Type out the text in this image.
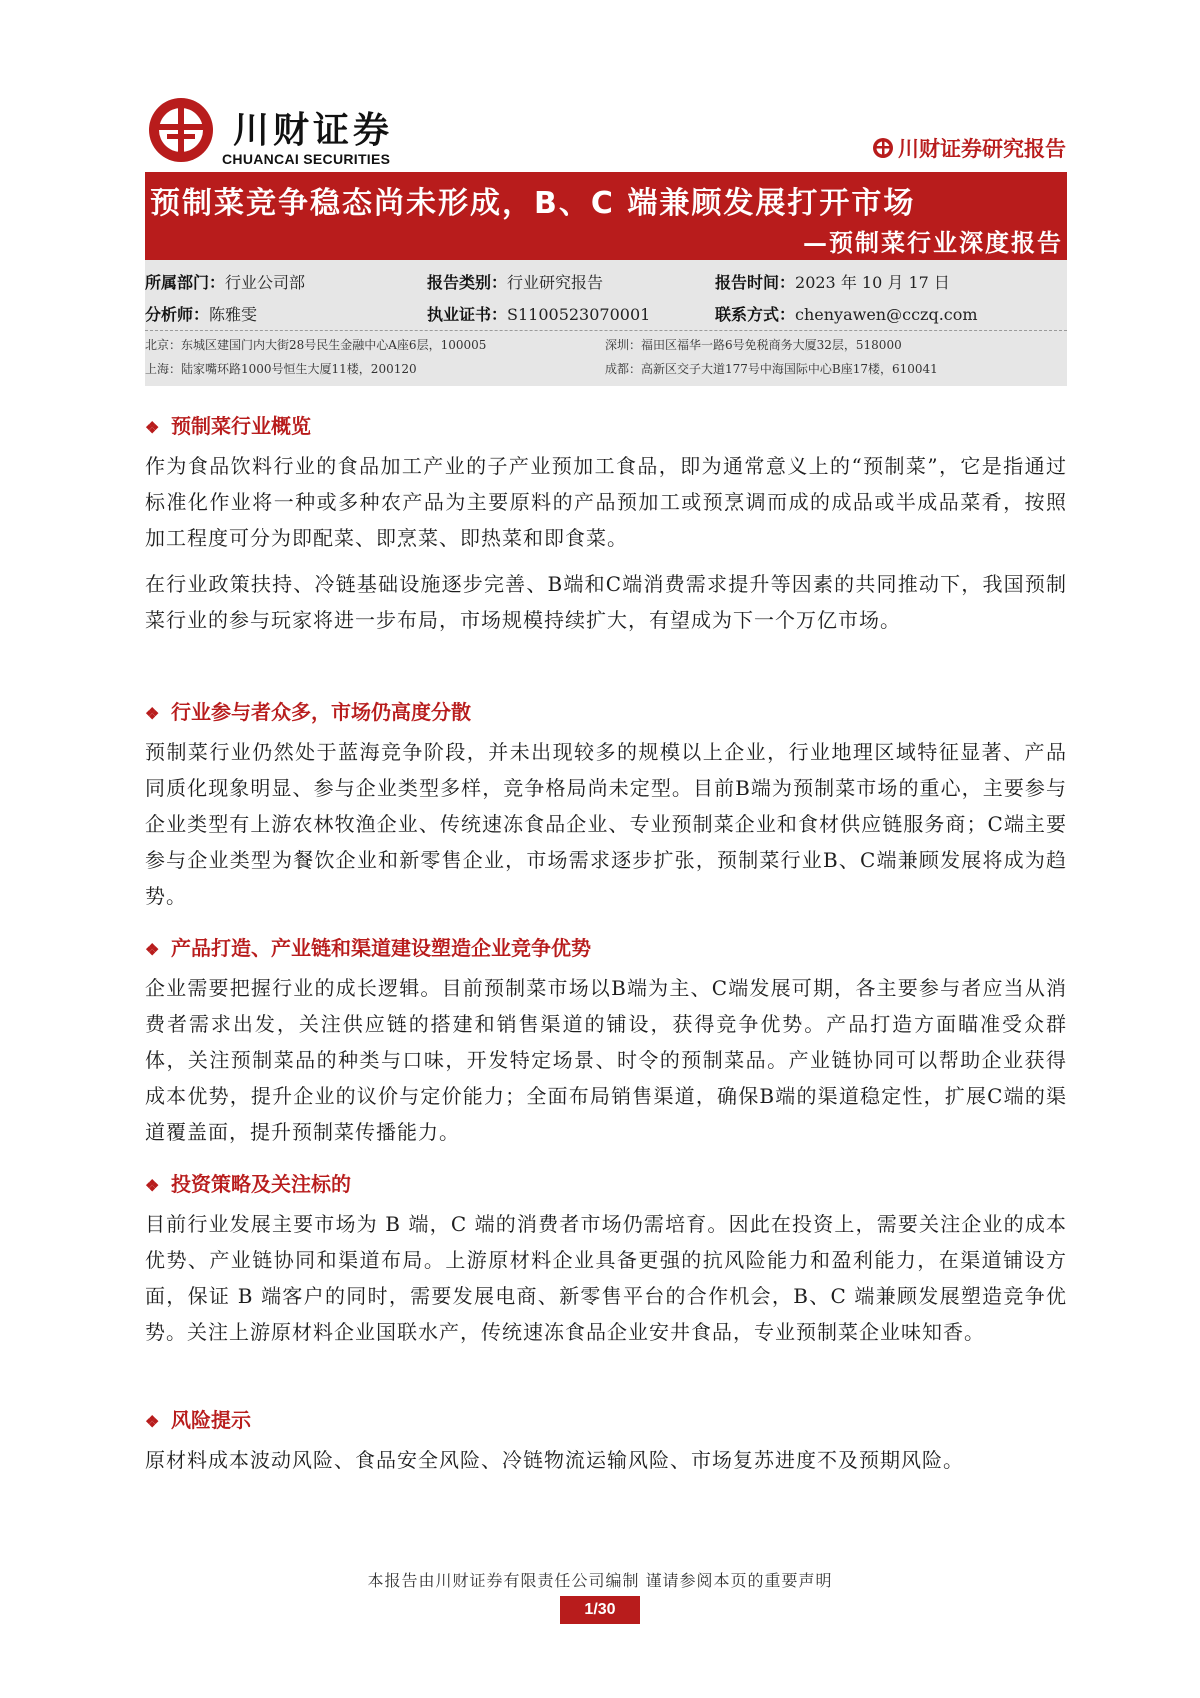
川财证券
CHUANCAI SECURITIES	川财证券研究报告
预制菜竞争稳态尚未形成，B、C 端兼顾发展打开市场
—预制菜行业深度报告
所属部门：行业公司部	报告类别：行业研究报告	报告时间：2023 年 10 月 17 日
分析师：陈雅雯	执业证书：S1100523070001	联系方式：chenyawen@cczq.com
北京：东城区建国门内大街28号民生金融中心A座6层，100005	深圳：福田区福华一路6号免税商务大厦32层，518000
上海：陆家嘴环路1000号恒生大厦11楼，200120	成都：高新区交子大道177号中海国际中心B座17楼，610041
❖ 预制菜行业概览
作为食品饮料行业的食品加工产业的子产业预加工食品，即为通常意义上的“预制菜”，它是指通过标准化作业将一种或多种农产品为主要原料的产品预加工或预烹调而成的成品或半成品菜肴，按照加工程度可分为即配菜、即烹菜、即热菜和即食菜。
在行业政策扶持、冷链基础设施逐步完善、B端和C端消费需求提升等因素的共同推动下，我国预制菜行业的参与玩家将进一步布局，市场规模持续扩大，有望成为下一个万亿市场。
❖ 行业参与者众多，市场仍高度分散
预制菜行业仍然处于蓝海竞争阶段，并未出现较多的规模以上企业，行业地理区域特征显著、产品同质化现象明显、参与企业类型多样，竞争格局尚未定型。目前B端为预制菜市场的重心，主要参与企业类型有上游农林牧渔企业、传统速冻食品企业、专业预制菜企业和食材供应链服务商；C端主要参与企业类型为餐饮企业和新零售企业，市场需求逐步扩张，预制菜行业B、C端兼顾发展将成为趋势。
❖ 产品打造、产业链和渠道建设塑造企业竞争优势
企业需要把握行业的成长逻辑。目前预制菜市场以B端为主、C端发展可期，各主要参与者应当从消费者需求出发，关注供应链的搭建和销售渠道的铺设，获得竞争优势。产品打造方面瞄准受众群体，关注预制菜品的种类与口味，开发特定场景、时令的预制菜品。产业链协同可以帮助企业获得成本优势，提升企业的议价与定价能力；全面布局销售渠道，确保B端的渠道稳定性，扩展C端的渠道覆盖面，提升预制菜传播能力。
❖ 投资策略及关注标的
目前行业发展主要市场为 B 端，C 端的消费者市场仍需培育。因此在投资上，需要关注企业的成本优势、产业链协同和渠道布局。上游原材料企业具备更强的抗风险能力和盈利能力，在渠道铺设方面，保证 B 端客户的同时，需要发展电商、新零售平台的合作机会，B、C 端兼顾发展塑造竞争优势。关注上游原材料企业国联水产，传统速冻食品企业安井食品，专业预制菜企业味知香。
❖ 风险提示
原材料成本波动风险、食品安全风险、冷链物流运输风险、市场复苏进度不及预期风险。
本报告由川财证券有限责任公司编制 谨请参阅本页的重要声明
1/30
